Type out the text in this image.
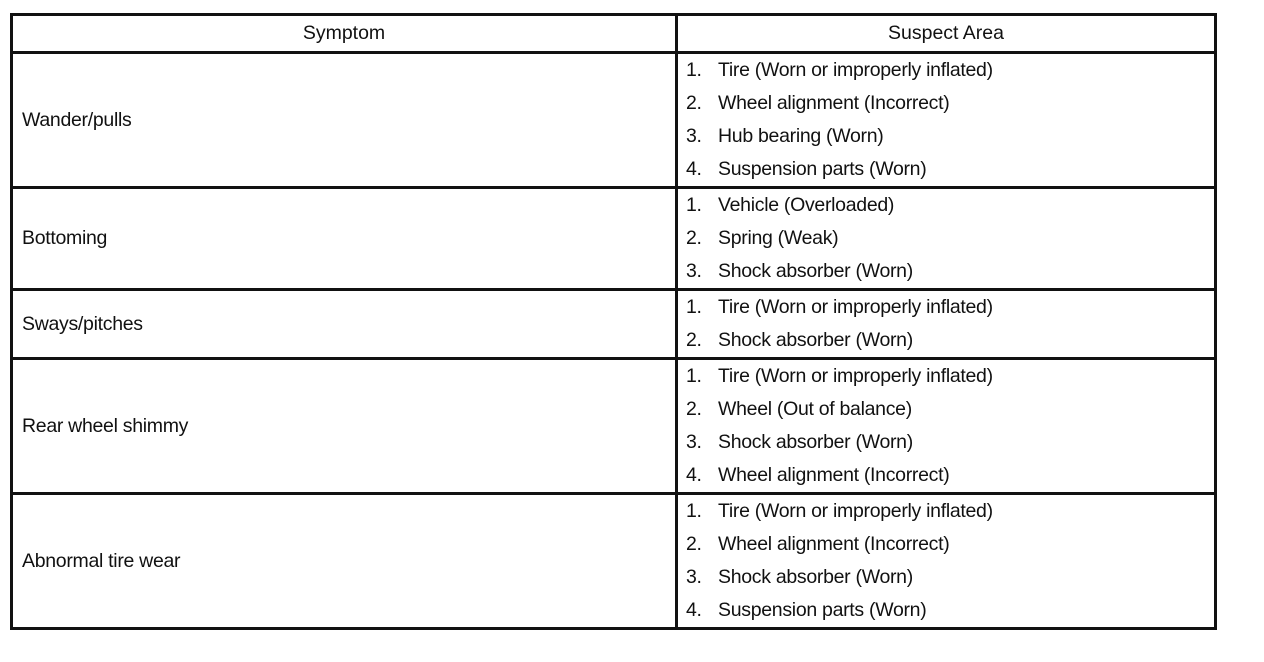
Symptom	Suspect Area
Wander/pulls	1. Tire (Worn or improperly inflated)
2. Wheel alignment (Incorrect)
3. Hub bearing (Worn)
4. Suspension parts (Worn)

Bottoming	1. Vehicle (Overloaded)
2. Spring (Weak)
3. Shock absorber (Worn)

Sways/pitches	1. Tire (Worn or improperly inflated)
2. Shock absorber (Worn)

Rear wheel shimmy	1. Tire (Worn or improperly inflated)
2. Wheel (Out of balance)
3. Shock absorber (Worn)
4. Wheel alignment (Incorrect)

Abnormal tire wear	1. Tire (Worn or improperly inflated)
2. Wheel alignment (Incorrect)
3. Shock absorber (Worn)
4. Suspension parts (Worn)
